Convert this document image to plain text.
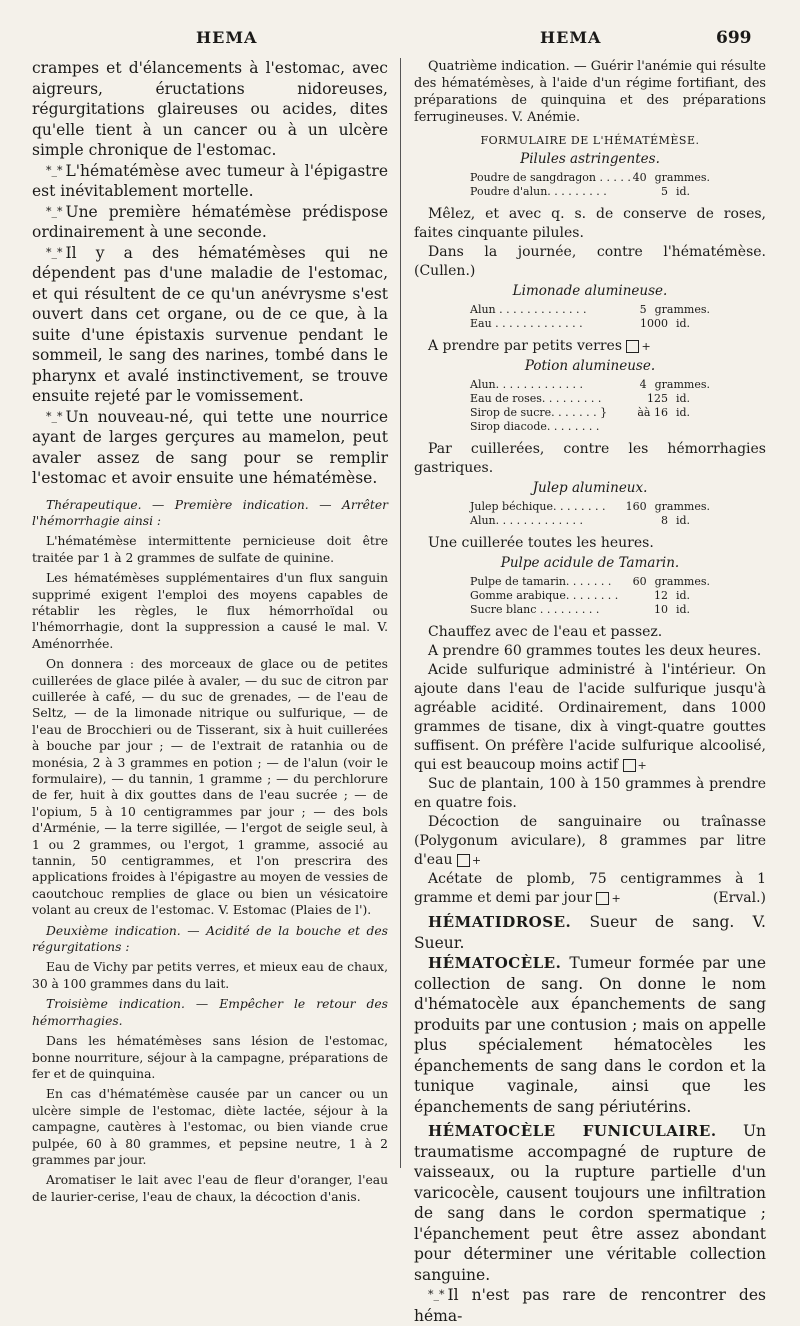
HEMA	HEMA	699

crampes et d'élancements à l'estomac, avec aigreurs, éructations nidoreuses, régurgitations glaireuses ou acides, dites qu'elle tient à un cancer ou à un ulcère simple chronique de l'estomac.

*_* L'hématémèse avec tumeur à l'épigastre est inévitablement mortelle.

*_* Une première hématémèse prédispose ordinairement à une seconde.

*_* Il y a des hématémèses qui ne dépendent pas d'une maladie de l'estomac, et qui résultent de ce qu'un anévrysme s'est ouvert dans cet organe, ou de ce que, à la suite d'une épistaxis survenue pendant le sommeil, le sang des narines, tombé dans le pharynx et avalé instinctivement, se trouve ensuite rejeté par le vomissement.

*_* Un nouveau-né, qui tette une nourrice ayant de larges gerçures au mamelon, peut avaler assez de sang pour se remplir l'estomac et avoir ensuite une hématémèse.

Thérapeutique. — Première indication. — Arrêter l'hémorrhagie ainsi :

L'hématémèse intermittente pernicieuse doit être traitée par 1 à 2 grammes de sulfate de quinine.

Les hématémèses supplémentaires d'un flux sanguin supprimé exigent l'emploi des moyens capables de rétablir les règles, le flux hémorrhoïdal ou l'hémorrhagie, dont la suppression a causé le mal. V. Aménorrhée.

On donnera : des morceaux de glace ou de petites cuillerées de glace pilée à avaler, — du suc de citron par cuillerée à café, — du suc de grenades, — de l'eau de Seltz, — de la limonade nitrique ou sulfurique, — de l'eau de Brocchieri ou de Tisserant, six à huit cuillerées à bouche par jour ; — de l'extrait de ratanhia ou de monésia, 2 à 3 grammes en potion ; — de l'alun (voir le formulaire), — du tannin, 1 gramme ; — du perchlorure de fer, huit à dix gouttes dans de l'eau sucrée ; — de l'opium, 5 à 10 centigrammes par jour ; — des bols d'Arménie, — la terre sigillée, — l'ergot de seigle seul, à 1 ou 2 grammes, ou l'ergot, 1 gramme, associé au tannin, 50 centigrammes, et l'on prescrira des applications froides à l'épigastre au moyen de vessies de caoutchouc remplies de glace ou bien un vésicatoire volant au creux de l'estomac. V. Estomac (Plaies de l').

Deuxième indication. — Acidité de la bouche et des régurgitations :

Eau de Vichy par petits verres, et mieux eau de chaux, 30 à 100 grammes dans du lait.

Troisième indication. — Empêcher le retour des hémorrhagies.

Dans les hématémèses sans lésion de l'estomac, bonne nourriture, séjour à la campagne, préparations de fer et de quinquina.

En cas d'hématémèse causée par un cancer ou un ulcère simple de l'estomac, diète lactée, séjour à la campagne, cautères à l'estomac, ou bien viande crue pulpée, 60 à 80 grammes, et pepsine neutre, 1 à 2 grammes par jour.

Aromatiser le lait avec l'eau de fleur d'oranger, l'eau de laurier-cerise, l'eau de chaux, la décoction d'anis.

Quatrième indication. — Guérir l'anémie qui résulte des hématémèses, à l'aide d'un régime fortifiant, des préparations de quinquina et des préparations ferrugineuses. V. Anémie.

FORMULAIRE DE L'HÉMATÉMÈSE.
Pilules astringentes.
Poudre de sangdragon . . . . . 40 grammes.
Poudre d'alun. . . . . . . . .	5 id.

Mêlez, et avec q. s. de conserve de roses, faites cinquante pilules.

Dans la journée, contre l'hématémèse. (Cullen.)

Limonade alumineuse.
Alun . . . . . . . . . . . . .	5 grammes.
Eau . . . . . . . . . . . . .	1000 id.

A prendre par petits verres +

Potion alumineuse.
Alun. . . . . . . . . . . . .	4 grammes.
Eau de roses. . . . . . . . .	125 id.
Sirop de sucre. . . . . . . }	àà 16 id.
Sirop diacode. . . . . . . .

Par cuillerées, contre les hémorrhagies gastriques.

Julep alumineux.
Julep béchique. . . . . . . .	160 grammes.
Alun. . . . . . . . . . . . .	8 id.

Une cuillerée toutes les heures.

Pulpe acidule de Tamarin.
Pulpe de tamarin. . . . . . .	60 grammes.
Gomme arabique. . . . . . . .	12 id.
Sucre blanc . . . . . . . . .	10 id.

Chauffez avec de l'eau et passez.

A prendre 60 grammes toutes les deux heures.

Acide sulfurique administré à l'intérieur. On ajoute dans l'eau de l'acide sulfurique jusqu'à agréable acidité. Ordinairement, dans 1000 grammes de tisane, dix à vingt-quatre gouttes suffisent. On préfère l'acide sulfurique alcoolisé, qui est beaucoup moins actif +

Suc de plantain, 100 à 150 grammes à prendre en quatre fois.

Décoction de sanguinaire ou traînasse (Polygonum aviculare), 8 grammes par litre d'eau +

Acétate de plomb, 75 centigrammes à 1 gramme et demi par jour +	(Erval.)

HÉMATIDROSE. Sueur de sang. V. Sueur.

HÉMATOCÈLE. Tumeur formée par une collection de sang. On donne le nom d'hématocèle aux épanchements de sang produits par une contusion ; mais on appelle plus spécialement hématocèles les épanchements de sang dans le cordon et la tunique vaginale, ainsi que les épanchements de sang périutérins.

HÉMATOCÈLE FUNICULAIRE. Un traumatisme accompagné de rupture de vaisseaux, ou la rupture partielle d'un varicocèle, causent toujours une infiltration de sang dans le cordon spermatique ; l'épanchement peut être assez abondant pour déterminer une véritable collection sanguine.

*_* Il n'est pas rare de rencontrer des héma-
